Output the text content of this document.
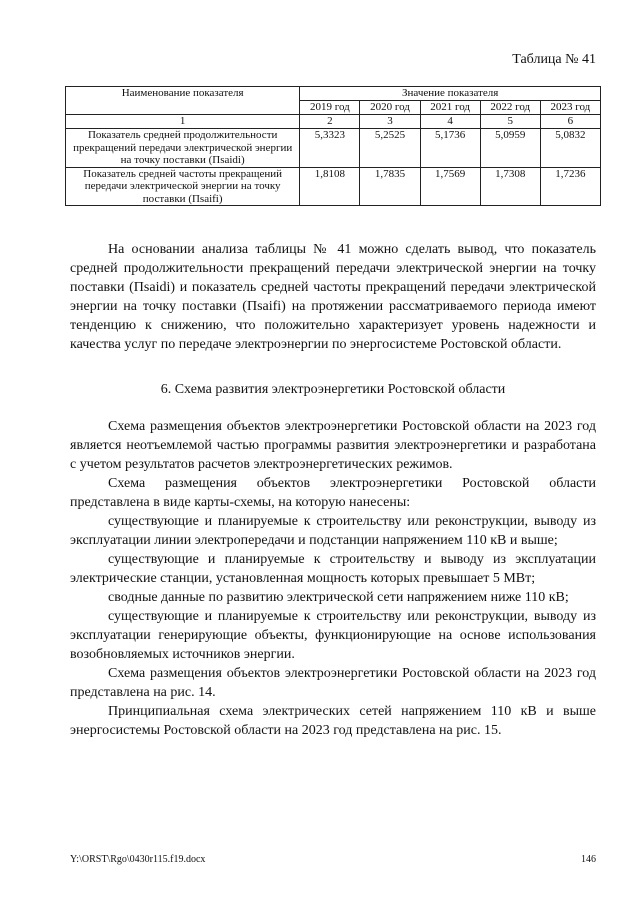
Таблица № 41
Наименование показателя	Значение показателя				
	2019 год	2020 год	2021 год	2022 год	2023 год
1	2	3	4	5	6
Показатель средней продолжительности прекращений передачи электрической энергии на точку поставки (Пsaidi)	5,3323	5,2525	5,1736	5,0959	5,0832
Показатель средней частоты прекращений передачи электрической энергии на точку поставки (Пsaifi)	1,8108	1,7835	1,7569	1,7308	1,7236

На основании анализа таблицы № 41 можно сделать вывод, что показатель средней продолжительности прекращений передачи электрической энергии на точку поставки (Пsaidi) и показатель средней частоты прекращений передачи электрической энергии на точку поставки (Пsaifi) на протяжении рассматриваемого периода имеют тенденцию к снижению, что положительно характеризует уровень надежности и качества услуг по передаче электроэнергии по энергосистеме Ростовской области.

6. Схема развития электроэнергетики Ростовской области

Схема размещения объектов электроэнергетики Ростовской области на 2023 год является неотъемлемой частью программы развития электроэнергетики и разработана с учетом результатов расчетов электроэнергетических режимов.

Схема размещения объектов электроэнергетики Ростовской области представлена в виде карты-схемы, на которую нанесены:

существующие и планируемые к строительству или реконструкции, выводу из эксплуатации линии электропередачи и подстанции напряжением 110 кВ и выше;

существующие и планируемые к строительству и выводу из эксплуатации электрические станции, установленная мощность которых превышает 5 МВт;

сводные данные по развитию электрической сети напряжением ниже 110 кВ;

существующие и планируемые к строительству или реконструкции, выводу из эксплуатации генерирующие объекты, функционирующие на основе использования возобновляемых источников энергии.

Схема размещения объектов электроэнергетики Ростовской области на 2023 год представлена на рис. 14.

Принципиальная схема электрических сетей напряжением 110 кВ и выше энергосистемы Ростовской области на 2023 год представлена на рис. 15.

Y:\ORST\Rgo\0430r115.f19.docx	146
